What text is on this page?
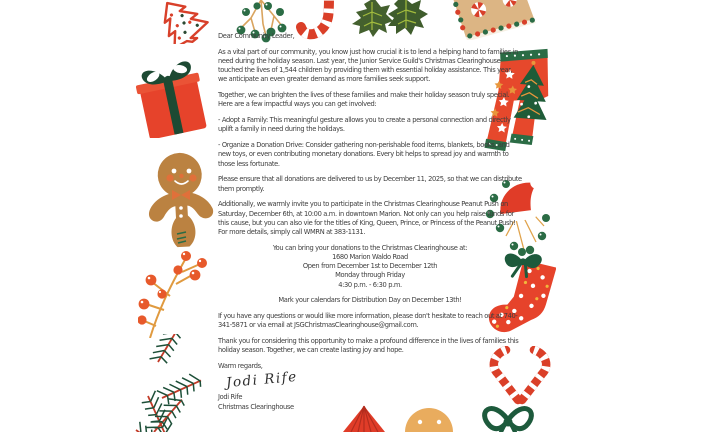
Dear Community Leader,

As a vital part of our community, you know just how crucial it is to lend a helping hand to families in need during the holiday season. Last year, the Junior Service Guild's Christmas Clearinghouse touched the lives of 1,544 children by providing them with essential holiday assistance. This year, we anticipate an even greater demand as more families seek support.

Together, we can brighten the lives of these families and make their holiday season truly special. Here are a few impactful ways you can get involved:

- Adopt a Family: This meaningful gesture allows you to create a personal connection and directly uplift a family in need during the holidays.

- Organize a Donation Drive: Consider gathering non-perishable food items, blankets, books, and new toys, or even contributing monetary donations. Every bit helps to spread joy and warmth to those less fortunate.

Please ensure that all donations are delivered to us by December 11, 2025, so that we can distribute them promptly.

Additionally, we warmly invite you to participate in the Christmas Clearinghouse Peanut Push on Saturday, December 6th, at 10:00 a.m. in downtown Marion. Not only can you help raise funds for this cause, but you can also vie for the titles of King, Queen, Prince, or Princess of the Peanut Push! For more details, simply call WMRN at 383-1131.

You can bring your donations to the Christmas Clearinghouse at:
1680 Marion Waldo Road
Open from December 1st to December 12th
Monday through Friday
4:30 p.m. - 6:30 p.m.

Mark your calendars for Distribution Day on December 13th!

If you have any questions or would like more information, please don't hesitate to reach out at 740-341-5871 or via email at JSGChristmasClearinghouse@gmail.com.

Thank you for considering this opportunity to make a profound difference in the lives of families this holiday season. Together, we can create lasting joy and hope.

Warm regards,
Jodi Rife
Jodi Rife
Christmas Clearinghouse
